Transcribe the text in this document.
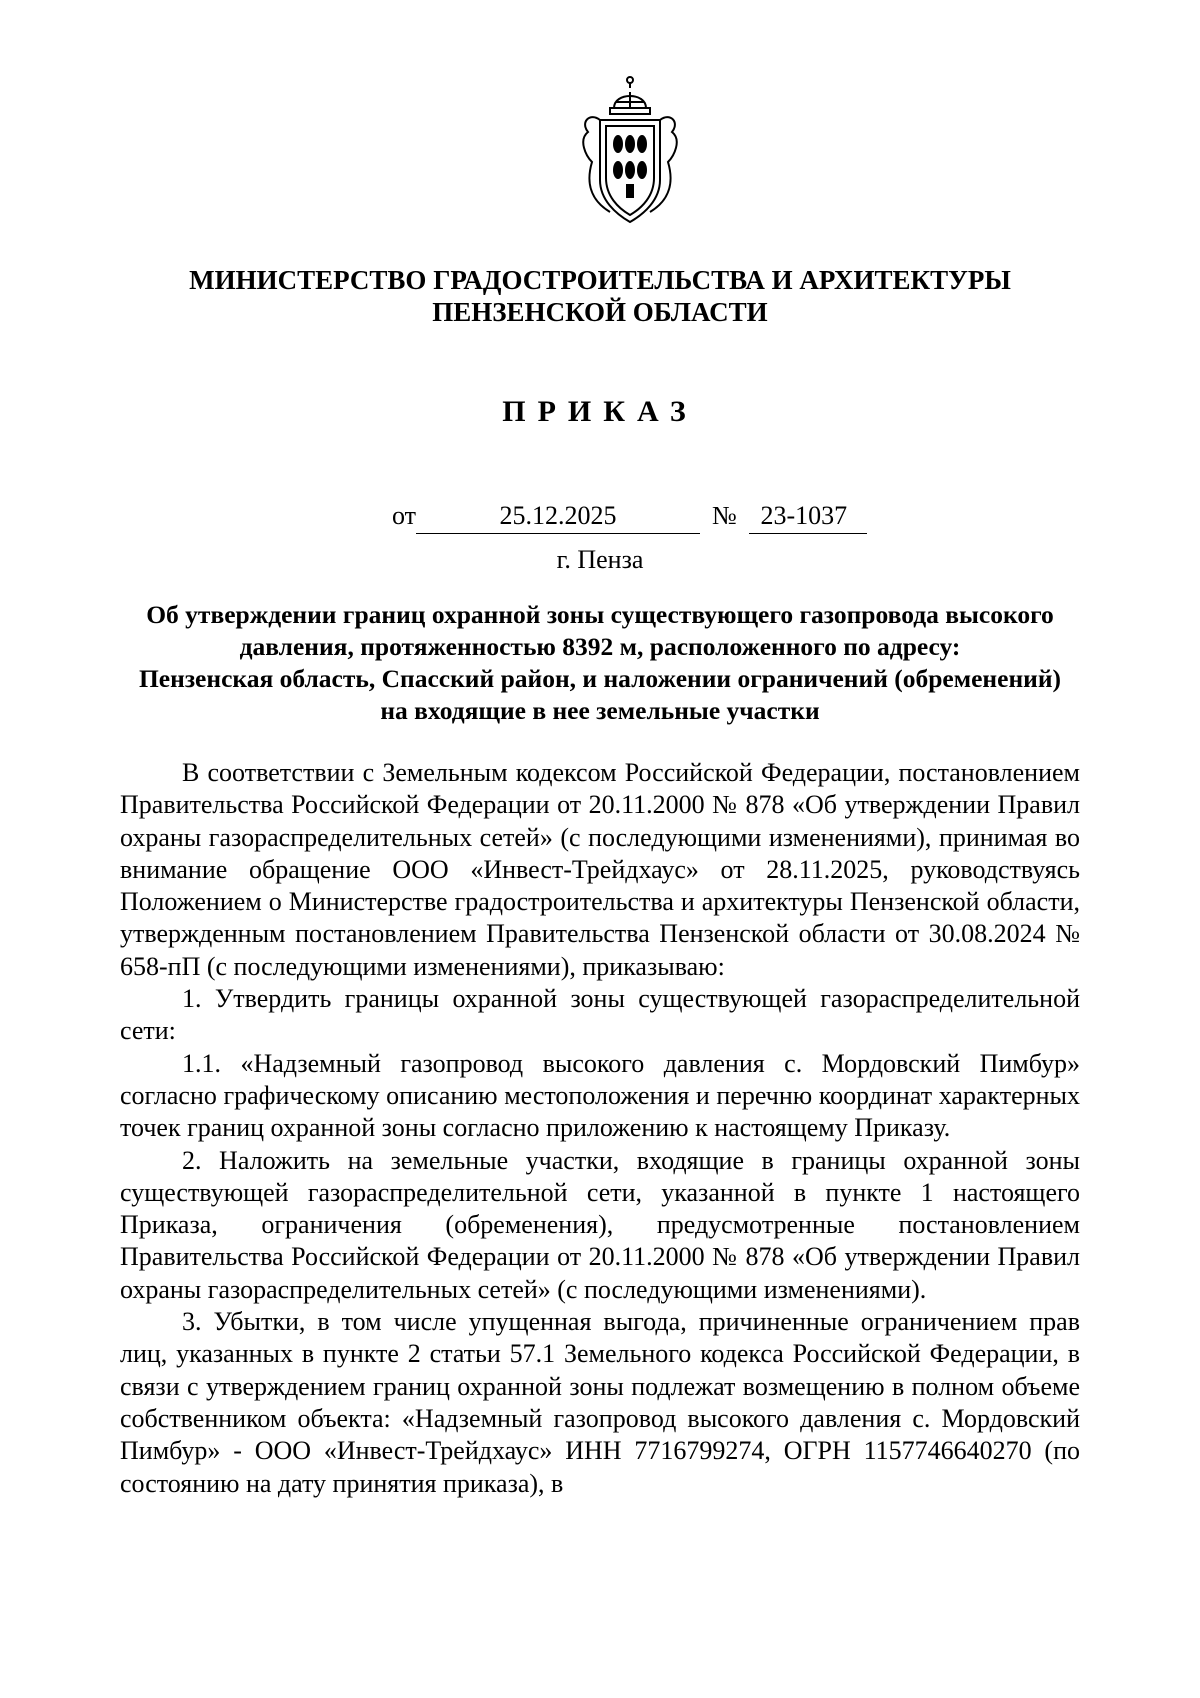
МИНИСТЕРСТВО ГРАДОСТРОИТЕЛЬСТВА И АРХИТЕКТУРЫ
ПЕНЗЕНСКОЙ ОБЛАСТИ
ПРИКАЗ
от	25.12.2025	№ 23-1037
г. Пенза
Об утверждении границ охранной зоны существующего газопровода высокого
давления, протяженностью 8392 м, расположенного по адресу:
Пензенская область, Спасский район, и наложении ограничений (обременений)
на входящие в нее земельные участки

В соответствии с Земельным кодексом Российской Федерации, постановлением Правительства Российской Федерации от 20.11.2000 № 878 «Об утверждении Правил охраны газораспределительных сетей» (с последующими изменениями), принимая во внимание обращение ООО «Инвест-Трейдхаус» от 28.11.2025, руководствуясь Положением о Министерстве градостроительства и архитектуры Пензенской области, утвержденным постановлением Правительства Пензенской области от 30.08.2024 № 658-пП (с последующими изменениями), приказываю:

1. Утвердить границы охранной зоны существующей газораспределительной сети:

1.1. «Надземный газопровод высокого давления с. Мордовский Пимбур» согласно графическому описанию местоположения и перечню координат характерных точек границ охранной зоны согласно приложению к настоящему Приказу.

2. Наложить на земельные участки, входящие в границы охранной зоны существующей газораспределительной сети, указанной в пункте 1 настоящего Приказа, ограничения (обременения), предусмотренные постановлением Правительства Российской Федерации от 20.11.2000 № 878 «Об утверждении Правил охраны газораспределительных сетей» (с последующими изменениями).

3. Убытки, в том числе упущенная выгода, причиненные ограничением прав лиц, указанных в пункте 2 статьи 57.1 Земельного кодекса Российской Федерации, в связи с утверждением границ охранной зоны подлежат возмещению в полном объеме собственником объекта: «Надземный газопровод высокого давления с. Мордовский Пимбур» - ООО «Инвест-Трейдхаус» ИНН 7716799274, ОГРН 1157746640270 (по состоянию на дату принятия приказа), в
